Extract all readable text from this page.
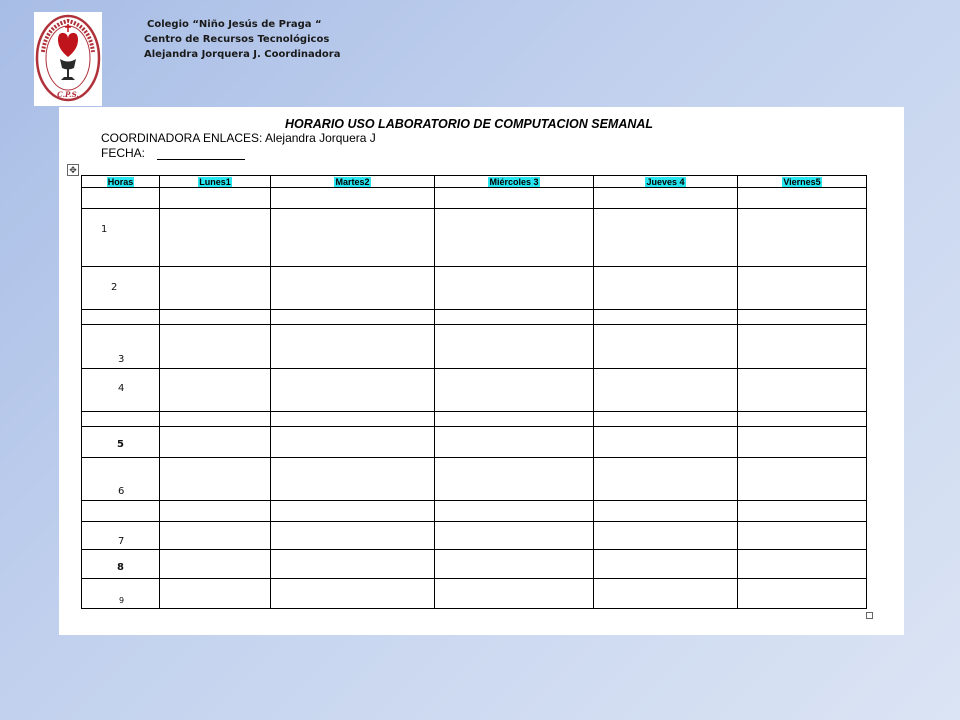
C.P.S.
Colegio “Niño Jesús de Praga “
Centro de Recursos Tecnológicos
Alejandra Jorquera J. Coordinadora
HORARIO USO LABORATORIO DE COMPUTACION SEMANAL
COORDINADORA ENLACES: Alejandra Jorquera J
FECHA:
✥
Horas	Lunes1	Martes2	Miércoles 3	Jueves 4	Viernes5

1					

2					

3					

4					

5					

6					

7					

8					

9					
